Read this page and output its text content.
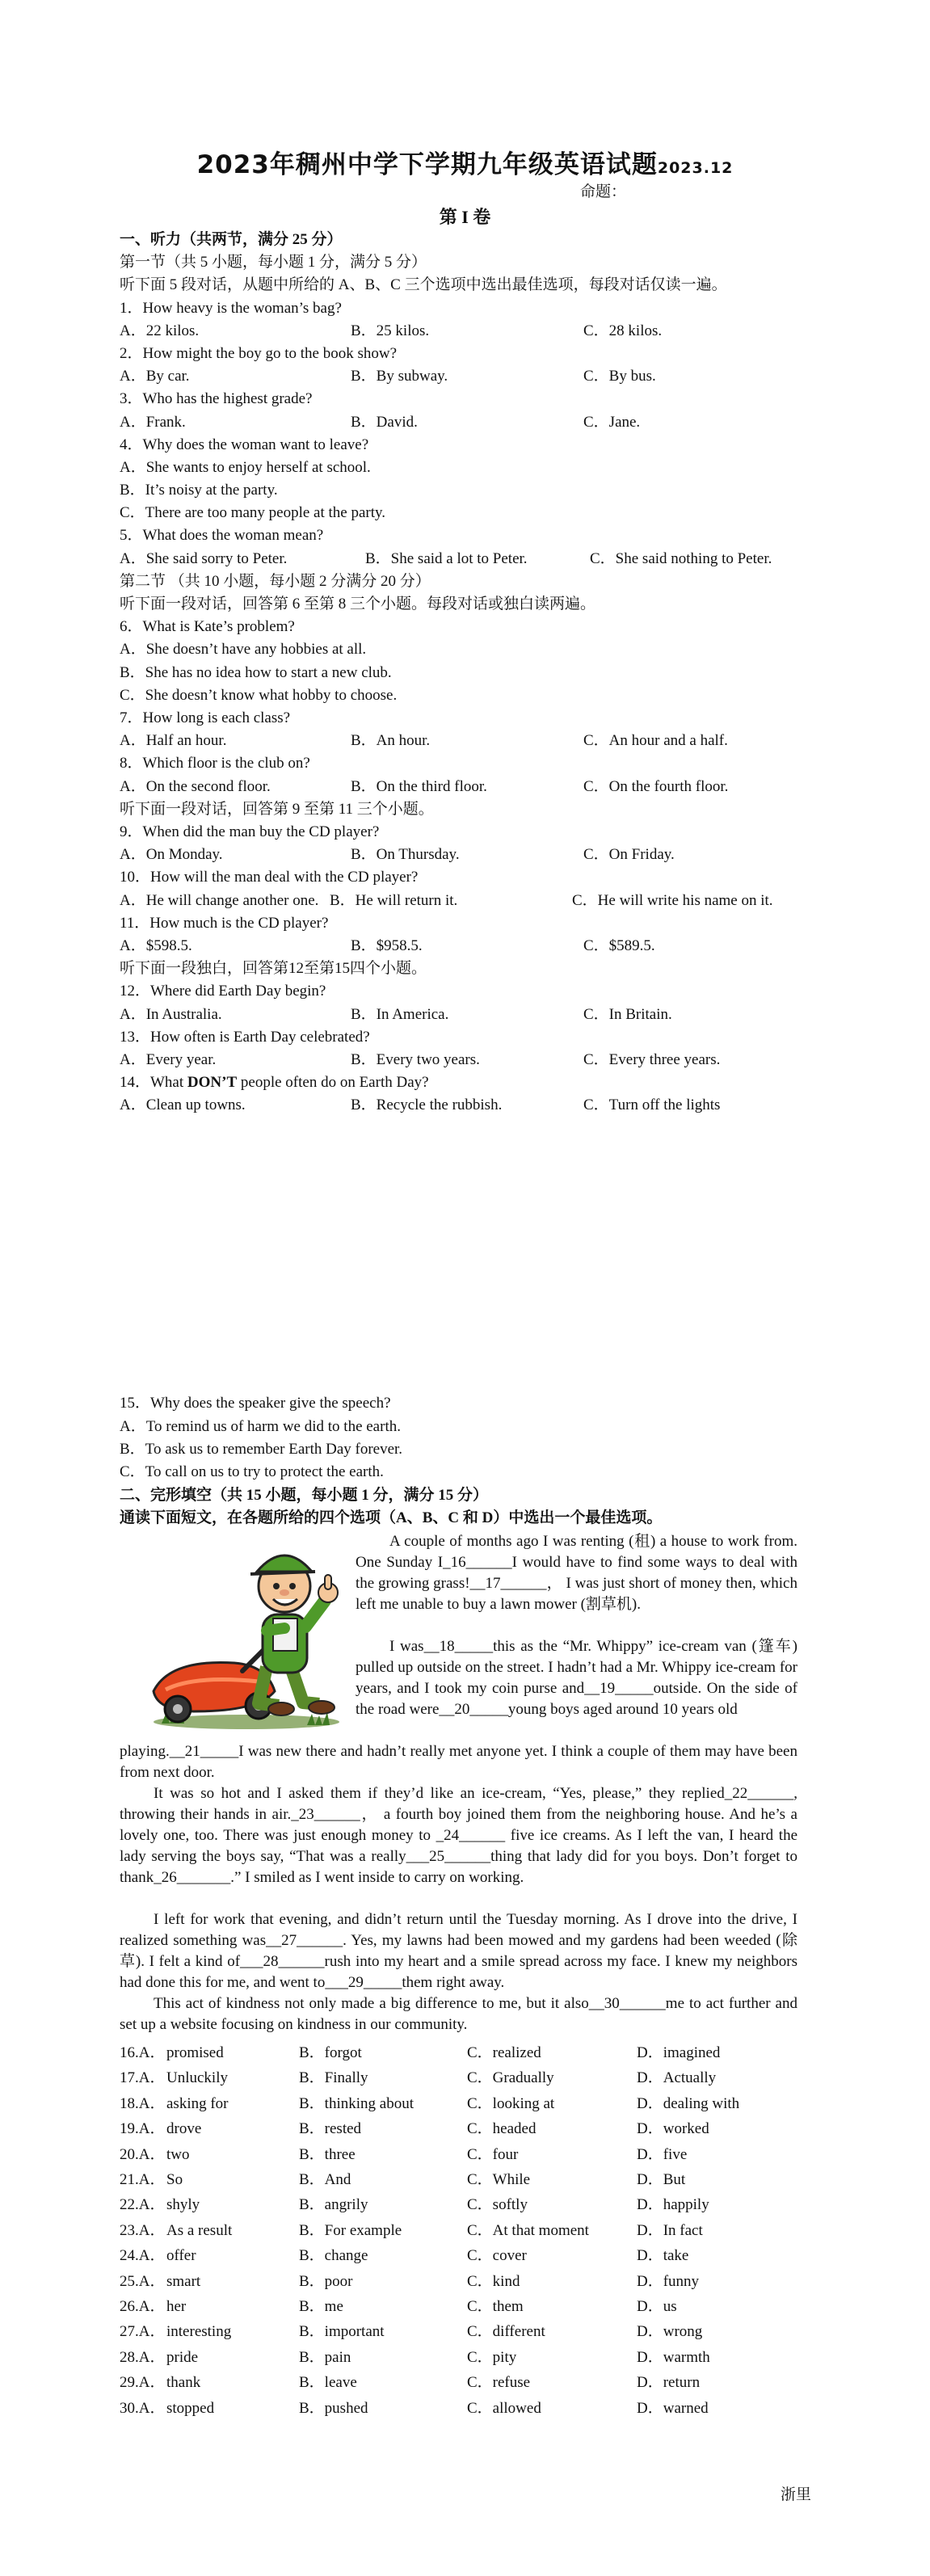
2023年稠州中学下学期九年级英语试题2023.12
命题：
第 I 卷
一、听力（共两节，满分 25 分）
第一节（共 5 小题，每小题 1 分，满分 5 分）
听下面 5 段对话，从题中所给的 A、B、C 三个选项中选出最佳选项，每段对话仅读一遍。
1．How heavy is the woman’s bag?
A．22 kilos.	B．25 kilos.	C．28 kilos.
2．How might the boy go to the book show?
A．By car.	B．By subway.	C．By bus.
3．Who has the highest grade?
A．Frank.	B．David.	C．Jane.
4．Why does the woman want to leave?
A．She wants to enjoy herself at school.
B．It’s noisy at the party.
C．There are too many people at the party.
5．What does the woman mean?
A．She said sorry to Peter.	B．She said a lot to Peter.	C．She said nothing to Peter.
第二节 （共 10 小题，每小题 2 分满分 20 分）
听下面一段对话，回答第 6 至第 8 三个小题。每段对话或独白读两遍。
6．What is Kate’s problem?
A．She doesn’t have any hobbies at all.
B．She has no idea how to start a new club.
C．She doesn’t know what hobby to choose.
7．How long is each class?
A．Half an hour.	B．An hour.	C．An hour and a half.
8．Which floor is the club on?
A．On the second floor.	B．On the third floor.	C．On the fourth floor.
听下面一段对话，回答第 9 至第 11 三个小题。
9．When did the man buy the CD player?
A．On Monday.	B．On Thursday.	C．On Friday.
10．How will the man deal with the CD player?
A．He will change another one. B．He will return it.	C．He will write his name on it.
11．How much is the CD player?
A．$598.5.	B．$958.5.	C．$589.5.
听下面一段独白，回答第12至第15四个小题。
12．Where did Earth Day begin?
A．In Australia.	B．In America.	C．In Britain.
13．How often is Earth Day celebrated?
A．Every year.	B．Every two years.	C．Every three years.
14．What DON’T people often do on Earth Day?
A．Clean up towns.	B．Recycle the rubbish.	C．Turn off the lights
15．Why does the speaker give the speech?
A．To remind us of harm we did to the earth.
B．To ask us to remember Earth Day forever.
C．To call on us to try to protect the earth.
二、完形填空（共 15 小题，每小题 1 分，满分 15 分）
通读下面短文，在各题所给的四个选项（A、B、C 和 D）中选出一个最佳选项。
A couple of months ago I was renting (租) a house to work from. One Sunday I_16______I would have to find some ways to deal with the growing grass!__17______， I was just short of money then, which left me unable to buy a lawn mower (割草机).
I was__18_____this as the “Mr. Whippy” ice-cream van (篷车) pulled up outside on the street. I hadn’t had a Mr. Whippy ice-cream for years, and I took my coin purse and__19_____outside. On the side of the road were__20_____young boys aged around 10 years old
playing.__21_____I was new there and hadn’t really met anyone yet. I think a couple of them may have been from next door.
It was so hot and I asked them if they’d like an ice-cream, “Yes, please,” they replied_22______, throwing their hands in air._23______， a fourth boy joined them from the neighboring house. And he’s a lovely one, too. There was just enough money to _24______ five ice creams. As I left the van, I heard the lady serving the boys say, “That was a really___25______thing that lady did for you boys. Don’t forget to thank_26_______.” I smiled as I went inside to carry on working.
I left for work that evening, and didn’t return until the Tuesday morning. As I drove into the drive, I realized something was__27______. Yes, my lawns had been mowed and my gardens had been weeded (除草). I felt a kind of___28______rush into my heart and a smile spread across my face. I knew my neighbors had done this for me, and went to___29_____them right away.
This act of kindness not only made a big difference to me, but it also__30______me to act further and set up a website focusing on kindness in our community.
16.A． promised	B．forgot	C．realized	D．imagined
17.A． Unluckily	B．Finally	C．Gradually	D．Actually
18.A． asking for	B．thinking about	C．looking at	D．dealing with
19.A． drove	B．rested	C．headed	D．worked
20.A． two	B．three	C．four	D．five
21.A． So	B．And	C．While	D．But
22.A． shyly	B．angrily	C．softly	D．happily
23.A． As a result	B．For example	C．At that moment	D．In fact
24.A． offer	B．change	C．cover	D．take
25.A． smart	B．poor	C．kind	D．funny
26.A． her	B．me	C．them	D．us
27.A． interesting	B．important	C．different	D．wrong
28.A． pride	B．pain	C．pity	D．warmth
29.A． thank	B．leave	C．refuse	D．return
30.A． stopped	B．pushed	C．allowed	D．warned
浙里
